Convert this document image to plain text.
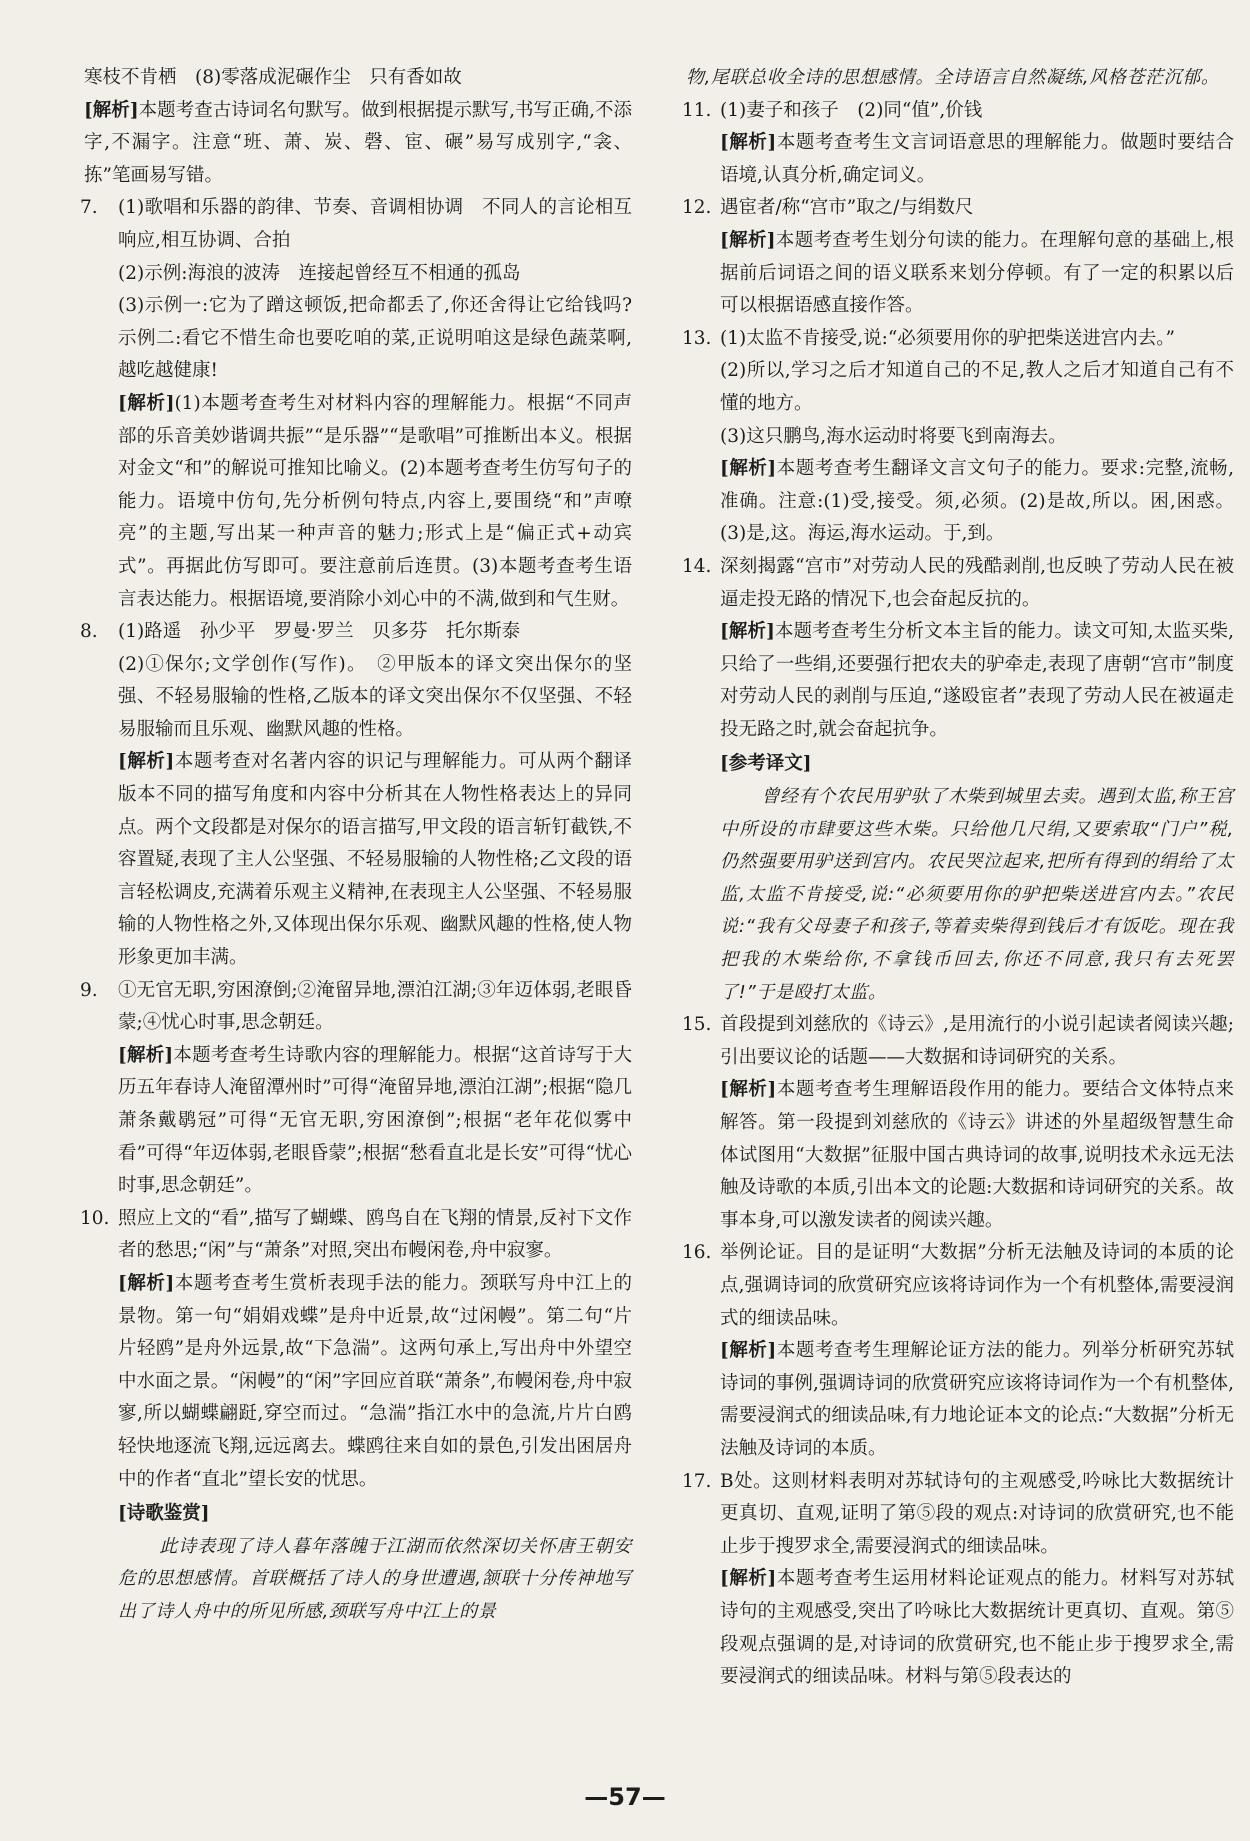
寒枝不肯栖　(8)零落成泥碾作尘　只有香如故
[解析]本题考查古诗词名句默写。做到根据提示默写,书写正确,不添字,不漏字。注意“班、萧、炭、磬、宦、碾”易写成别字,“衾、拣”笔画易写错。
7.	(1)歌唱和乐器的韵律、节奏、音调相协调　不同人的言论相互响应,相互协调、合拍
(2)示例:海浪的波涛　连接起曾经互不相通的孤岛
(3)示例一:它为了蹭这顿饭,把命都丢了,你还舍得让它给钱吗?　示例二:看它不惜生命也要吃咱的菜,正说明咱这是绿色蔬菜啊,越吃越健康!
[解析](1)本题考查考生对材料内容的理解能力。根据“不同声部的乐音美妙谐调共振”“是乐器”“是歌唱”可推断出本义。根据对金文“和”的解说可推知比喻义。(2)本题考查考生仿写句子的能力。语境中仿句,先分析例句特点,内容上,要围绕“和”声嘹亮”的主题,写出某一种声音的魅力;形式上是“偏正式+动宾式”。再据此仿写即可。要注意前后连贯。(3)本题考查考生语言表达能力。根据语境,要消除小刘心中的不满,做到和气生财。
8.	(1)路遥　孙少平　罗曼·罗兰　贝多芬　托尔斯泰
(2)①保尔;文学创作(写作)。　②甲版本的译文突出保尔的坚强、不轻易服输的性格,乙版本的译文突出保尔不仅坚强、不轻易服输而且乐观、幽默风趣的性格。
[解析]本题考查对名著内容的识记与理解能力。可从两个翻译版本不同的描写角度和内容中分析其在人物性格表达上的异同点。两个文段都是对保尔的语言描写,甲文段的语言斩钉截铁,不容置疑,表现了主人公坚强、不轻易服输的人物性格;乙文段的语言轻松调皮,充满着乐观主义精神,在表现主人公坚强、不轻易服输的人物性格之外,又体现出保尔乐观、幽默风趣的性格,使人物形象更加丰满。
9.	①无官无职,穷困潦倒;②淹留异地,漂泊江湖;③年迈体弱,老眼昏蒙;④忧心时事,思念朝廷。
[解析]本题考查考生诗歌内容的理解能力。根据“这首诗写于大历五年春诗人淹留潭州时”可得“淹留异地,漂泊江湖”;根据“隐几萧条戴鹖冠”可得“无官无职,穷困潦倒”;根据“老年花似雾中看”可得“年迈体弱,老眼昏蒙”;根据“愁看直北是长安”可得“忧心时事,思念朝廷”。
10. 照应上文的“看”,描写了蝴蝶、鸥鸟自在飞翔的情景,反衬下文作者的愁思;“闲”与“萧条”对照,突出布幔闲卷,舟中寂寥。
[解析]本题考查考生赏析表现手法的能力。颈联写舟中江上的景物。第一句“娟娟戏蝶”是舟中近景,故“过闲幔”。第二句“片片轻鸥”是舟外远景,故“下急湍”。这两句承上,写出舟中外望空中水面之景。“闲幔”的“闲”字回应首联“萧条”,布幔闲卷,舟中寂寥,所以蝴蝶翩跹,穿空而过。“急湍”指江水中的急流,片片白鸥轻快地逐流飞翔,远远离去。蝶鸥往来自如的景色,引发出困居舟中的作者“直北”望长安的忧思。
[诗歌鉴赏]
此诗表现了诗人暮年落魄于江湖而依然深切关怀唐王朝安危的思想感情。首联概括了诗人的身世遭遇,颔联十分传神地写出了诗人舟中的所见所感,颈联写舟中江上的景
物,尾联总收全诗的思想感情。全诗语言自然凝练,风格苍茫沉郁。
11. (1)妻子和孩子　(2)同“值”,价钱
[解析]本题考查考生文言词语意思的理解能力。做题时要结合语境,认真分析,确定词义。
12. 遇宦者/称“宫市”取之/与绢数尺
[解析]本题考查考生划分句读的能力。在理解句意的基础上,根据前后词语之间的语义联系来划分停顿。有了一定的积累以后可以根据语感直接作答。
13. (1)太监不肯接受,说:“必须要用你的驴把柴送进宫内去。”
(2)所以,学习之后才知道自己的不足,教人之后才知道自己有不懂的地方。
(3)这只鹏鸟,海水运动时将要飞到南海去。
[解析]本题考查考生翻译文言文句子的能力。要求:完整,流畅,准确。注意:(1)受,接受。须,必须。(2)是故,所以。困,困惑。(3)是,这。海运,海水运动。于,到。
14. 深刻揭露“宫市”对劳动人民的残酷剥削,也反映了劳动人民在被逼走投无路的情况下,也会奋起反抗的。
[解析]本题考查考生分析文本主旨的能力。读文可知,太监买柴,只给了一些绢,还要强行把农夫的驴牵走,表现了唐朝“宫市”制度对劳动人民的剥削与压迫,“遂殴宦者”表现了劳动人民在被逼走投无路之时,就会奋起抗争。
[参考译文]
曾经有个农民用驴驮了木柴到城里去卖。遇到太监,称王宫中所设的市肆要这些木柴。只给他几尺绢,又要索取“门户”税,仍然强要用驴送到宫内。农民哭泣起来,把所有得到的绢给了太监,太监不肯接受,说:“必须要用你的驴把柴送进宫内去。”农民说:“我有父母妻子和孩子,等着卖柴得到钱后才有饭吃。现在我把我的木柴给你,不拿钱币回去,你还不同意,我只有去死罢了!”于是殴打太监。
15. 首段提到刘慈欣的《诗云》,是用流行的小说引起读者阅读兴趣;引出要议论的话题——大数据和诗词研究的关系。
[解析]本题考查考生理解语段作用的能力。要结合文体特点来解答。第一段提到刘慈欣的《诗云》讲述的外星超级智慧生命体试图用“大数据”征服中国古典诗词的故事,说明技术永远无法触及诗歌的本质,引出本文的论题:大数据和诗词研究的关系。故事本身,可以激发读者的阅读兴趣。
16. 举例论证。目的是证明“大数据”分析无法触及诗词的本质的论点,强调诗词的欣赏研究应该将诗词作为一个有机整体,需要浸润式的细读品味。
[解析]本题考查考生理解论证方法的能力。列举分析研究苏轼诗词的事例,强调诗词的欣赏研究应该将诗词作为一个有机整体,需要浸润式的细读品味,有力地论证本文的论点:“大数据”分析无法触及诗词的本质。
17. B处。这则材料表明对苏轼诗句的主观感受,吟咏比大数据统计更真切、直观,证明了第⑤段的观点:对诗词的欣赏研究,也不能止步于搜罗求全,需要浸润式的细读品味。
[解析]本题考查考生运用材料论证观点的能力。材料写对苏轼诗句的主观感受,突出了吟咏比大数据统计更真切、直观。第⑤段观点强调的是,对诗词的欣赏研究,也不能止步于搜罗求全,需要浸润式的细读品味。材料与第⑤段表达的
—57—
